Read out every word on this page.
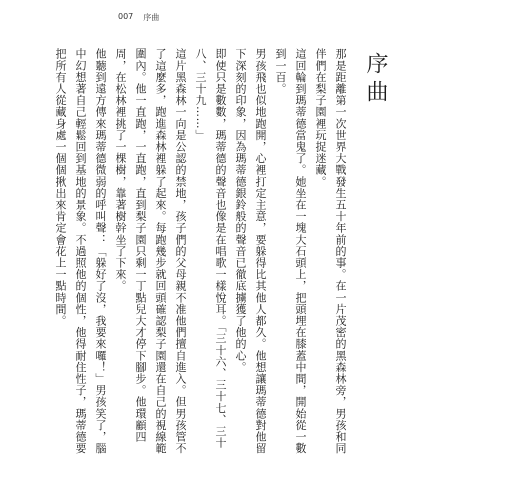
007 序曲
序曲

那是距離第一次世界大戰發生五十年前的事。在一片茂密的黑森林旁，男孩和同伴們在梨子園裡玩捉迷藏。

這回輪到瑪蒂德當鬼了。她坐在一塊大石頭上，把頭埋在膝蓋中間，開始從一數到一百。

男孩飛也似地跑開，心裡打定主意，要躲得比其他人都久。他想讓瑪蒂德對他留下深刻的印象，因為瑪蒂德銀鈴般的聲音已徹底擄獲了他的心。

即使只是數數，瑪蒂德的聲音也像是在唱歌一樣悅耳。「三十六、三十七、三十八、三十九……」

這片黑森林一向是公認的禁地，孩子們的父母親不准他們擅自進入。但男孩管不了這麼多，跑進森林裡躲了起來。每跑幾步就回頭確認梨子園還在自己的視線範圍內。他一直跑，一直跑，直到梨子園只剩一丁點兒大才停下腳步。他環顧四周，在松林裡挑了一棵樹，靠著樹幹坐了下來。

他聽到遠方傳來瑪蒂德微弱的呼叫聲：「躲好了沒，我要來囉！」男孩笑了，腦中幻想著自己輕鬆回到基地的景象。不過照他的個性，他得耐住性子，瑪蒂德要把所有人從藏身處一個個揪出來肯定會花上一點時間。
